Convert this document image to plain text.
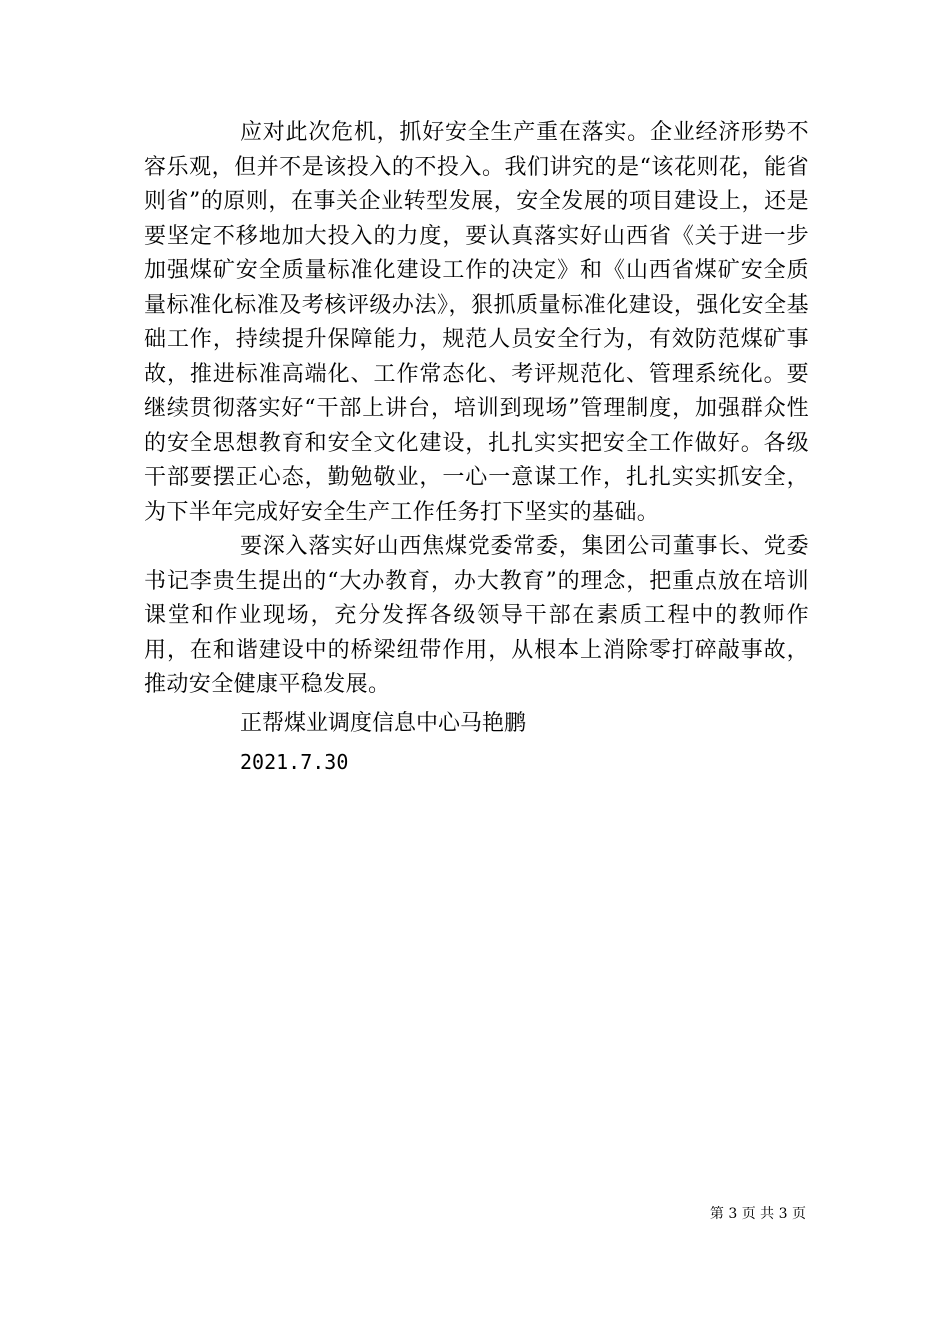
应对此次危机，抓好安全生产重在落实。企业经济形势不容乐观，但并不是该投入的不投入。我们讲究的是“该花则花，能省则省”的原则，在事关企业转型发展，安全发展的项目建设上，还是要坚定不移地加大投入的力度，要认真落实好山西省《关于进一步加强煤矿安全质量标准化建设工作的决定》和《山西省煤矿安全质量标准化标准及考核评级办法》，狠抓质量标准化建设，强化安全基础工作，持续提升保障能力，规范人员安全行为，有效防范煤矿事故，推进标准高端化、工作常态化、考评规范化、管理系统化。要继续贯彻落实好“干部上讲台，培训到现场”管理制度，加强群众性的安全思想教育和安全文化建设，扎扎实实把安全工作做好。各级干部要摆正心态，勤勉敬业，一心一意谋工作，扎扎实实抓安全，为下半年完成好安全生产工作任务打下坚实的基础。

要深入落实好山西焦煤党委常委，集团公司董事长、党委书记李贵生提出的“大办教育，办大教育”的理念，把重点放在培训课堂和作业现场，充分发挥各级领导干部在素质工程中的教师作用，在和谐建设中的桥梁纽带作用，从根本上消除零打碎敲事故，推动安全健康平稳发展。

正帮煤业调度信息中心马艳鹏

2021.7.30

第 3 页 共 3 页
